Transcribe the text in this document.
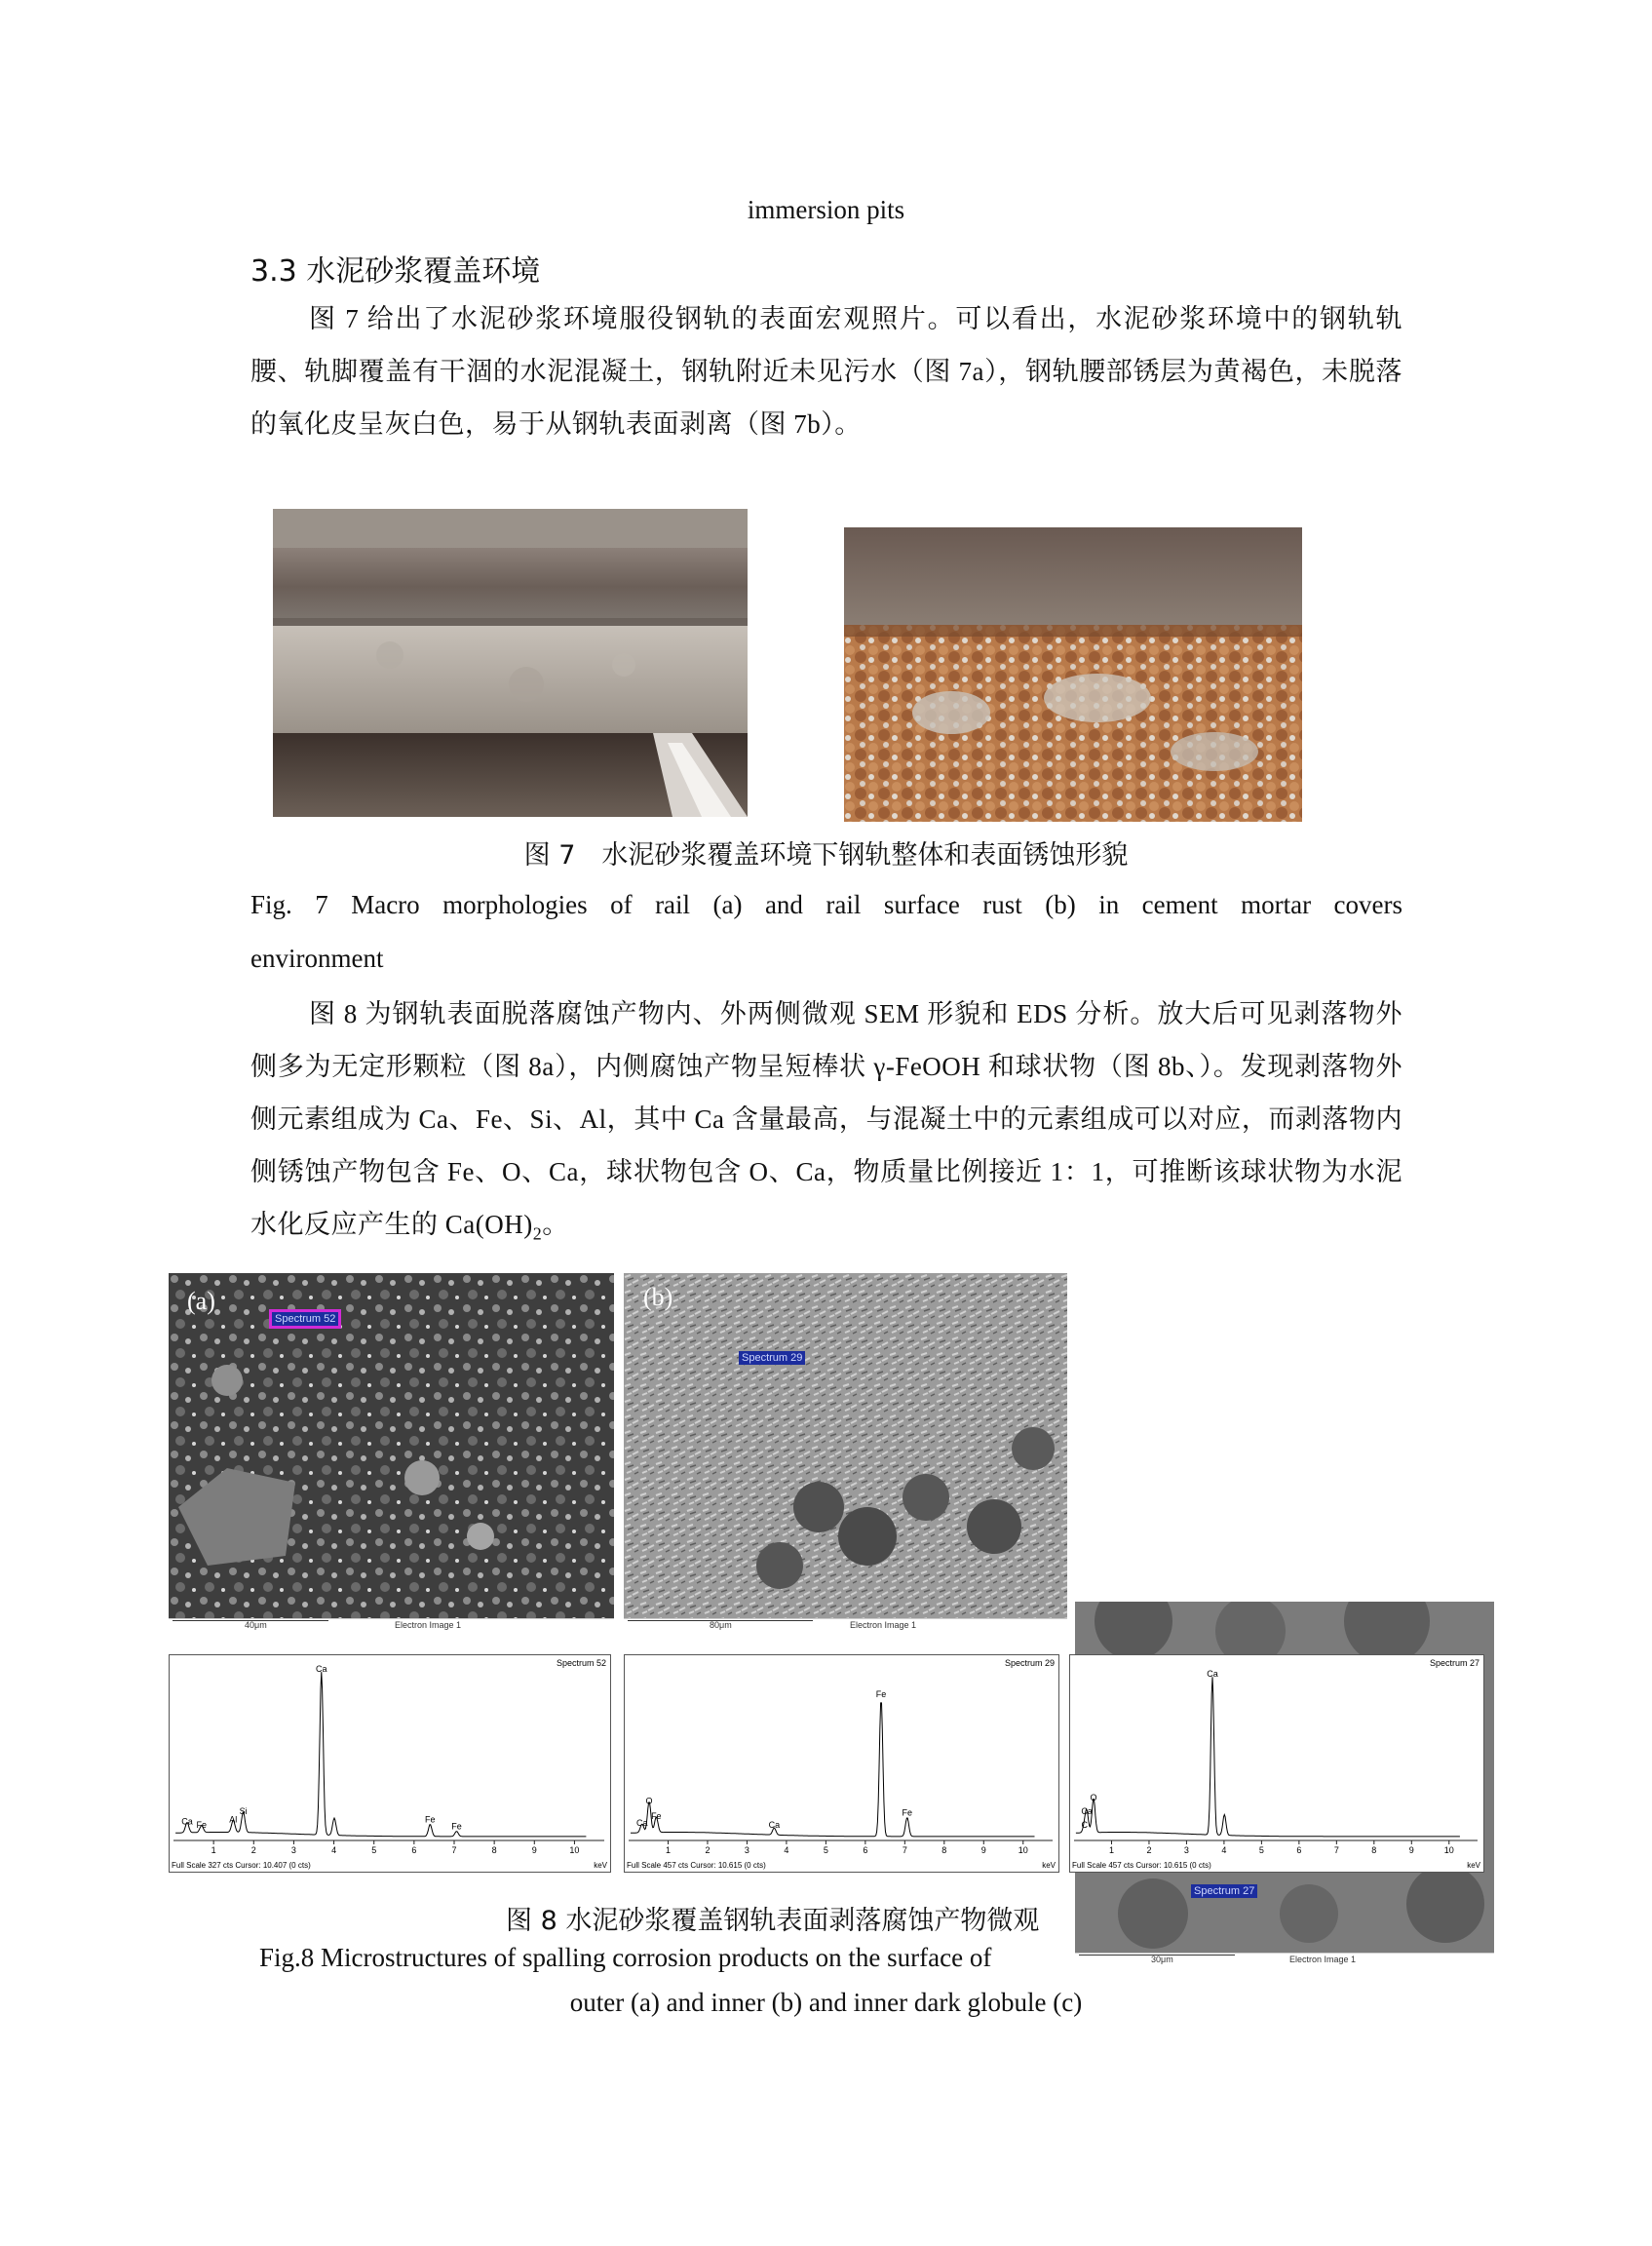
immersion pits
3.3 水泥砂浆覆盖环境
图 7 给出了水泥砂浆环境服役钢轨的表面宏观照片。可以看出，水泥砂浆环境中的钢轨轨腰、轨脚覆盖有干涸的水泥混凝土，钢轨附近未见污水（图 7a），钢轨腰部锈层为黄褐色，未脱落的氧化皮呈灰白色，易于从钢轨表面剥离（图 7b）。
图 7　水泥砂浆覆盖环境下钢轨整体和表面锈蚀形貌
Fig. 7 Macro morphologies of rail (a) and rail surface rust (b) in cement mortar covers
environment
图 8 为钢轨表面脱落腐蚀产物内、外两侧微观 SEM 形貌和 EDS 分析。放大后可见剥落物外侧多为无定形颗粒（图 8a），内侧腐蚀产物呈短棒状 γ-FeOOH 和球状物（图 8b、）。发现剥落物外侧元素组成为 Ca、Fe、Si、Al，其中 Ca 含量最高，与混凝土中的元素组成可以对应，而剥落物内侧锈蚀产物包含 Fe、O、Ca，球状物包含 O、Ca，物质量比例接近 1：1，可推断该球状物为水泥水化反应产生的 $Ca(OH)_2$。
(a)
Spectrum 52
40μm	Electron Image 1
(b)
Spectrum 29
80μm	Electron Image 1
Spectrum 27
30μm	Electron Image 1
Spectrum 52
Ca Fe
Al
Si
Ca
Fe
Fe
1	2	3	4	5	6	7	8	9	10
keV
Full Scale 327 cts Cursor: 10.407 (0 cts)
Spectrum 29
Ca
O
Fe
Ca
Fe
Fe
1	2	3	4	5	6	7	8	9	10
keV
Full Scale 457 cts Cursor: 10.615 (0 cts)
Spectrum 27
C
Ca
O
Ca
1	2	3	4	5	6	7	8	9	10
keV
Full Scale 457 cts Cursor: 10.615 (0 cts)
图 8 水泥砂浆覆盖钢轨表面剥落腐蚀产物微观
Fig.8 Microstructures of spalling corrosion products on the surface of
outer (a) and inner (b) and inner dark globule (c)
